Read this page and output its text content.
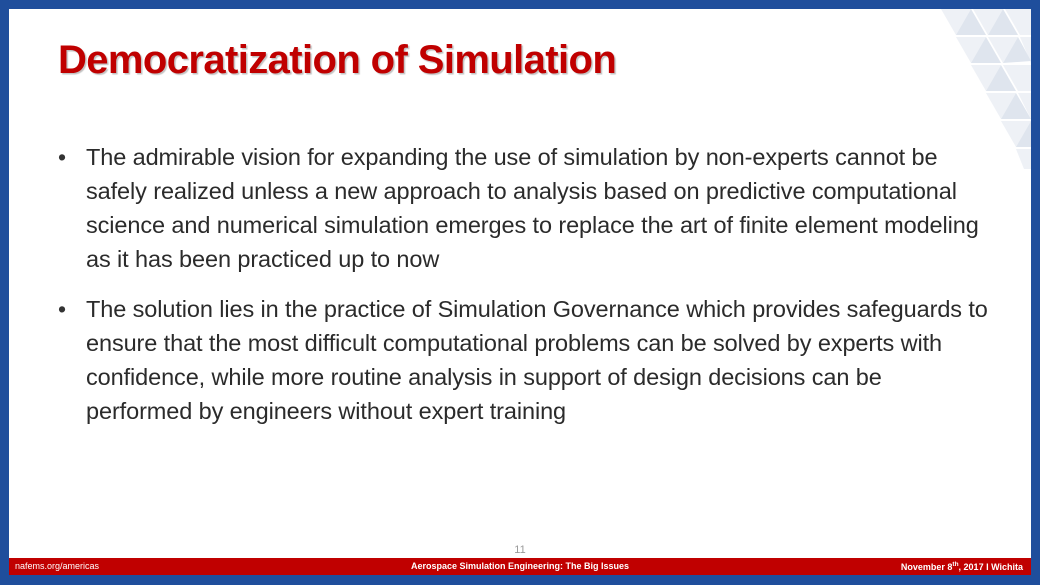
Democratization of Simulation
• The admirable vision for expanding the use of simulation by non-experts cannot be safely realized unless a new approach to analysis based on predictive computational science and numerical simulation emerges to replace the art of finite element modeling as it has been practiced up to now
• The solution lies in the practice of Simulation Governance which provides safeguards to ensure that the most difficult computational problems can be solved by experts with confidence, while more routine analysis in support of design decisions can be performed by engineers without expert training
11
nafems.org/americas	Aerospace Simulation Engineering: The Big Issues	November 8th, 2017 I Wichita
